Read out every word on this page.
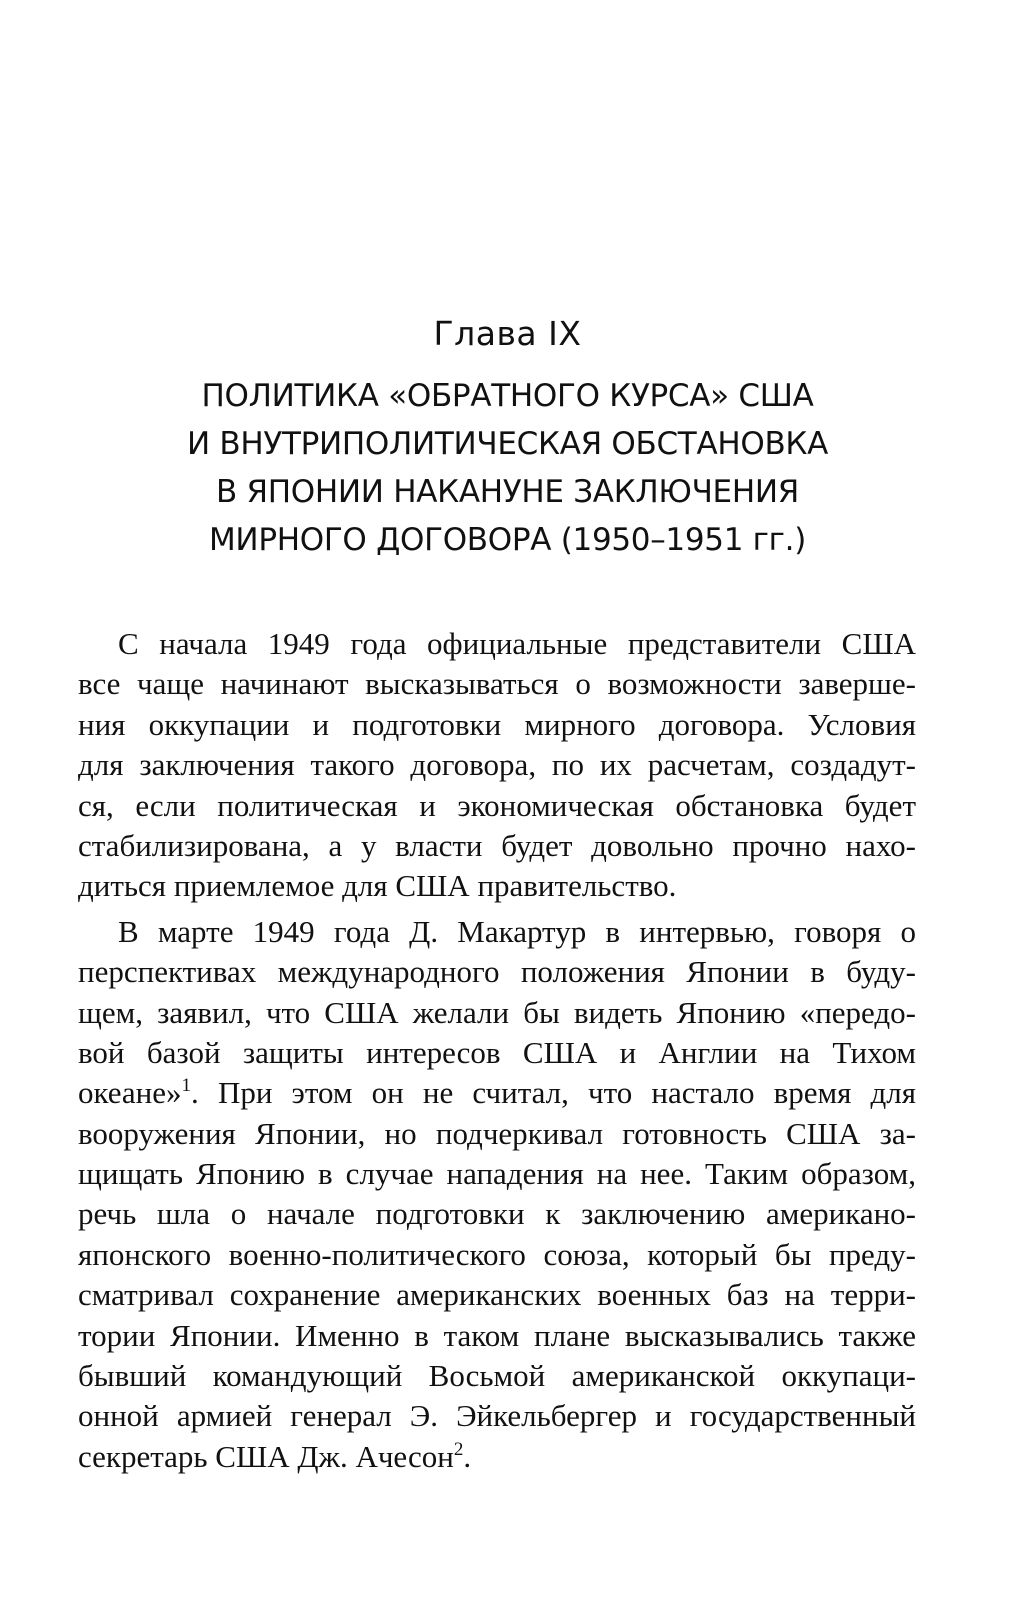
Глава IX
ПОЛИТИКА «ОБРАТНОГО КУРСА» США
И ВНУТРИПОЛИТИЧЕСКАЯ ОБСТАНОВКА
В ЯПОНИИ НАКАНУНЕ ЗАКЛЮЧЕНИЯ
МИРНОГО ДОГОВОРА (1950–1951 гг.)
С начала 1949 года официальные представители США
все чаще начинают высказываться о возможности заверше-
ния оккупации и подготовки мирного договора. Условия
для заключения такого договора, по их расчетам, создадут-
ся, если политическая и экономическая обстановка будет
стабилизирована, а у власти будет довольно прочно нахо-
диться приемлемое для США правительство.
В марте 1949 года Д. Макартур в интервью, говоря о
перспективах международного положения Японии в буду-
щем, заявил, что США желали бы видеть Японию «передо-
вой базой защиты интересов США и Англии на Тихом
океане»$^1$. При этом он не считал, что настало время для
вооружения Японии, но подчеркивал готовность США за-
щищать Японию в случае нападения на нее. Таким образом,
речь шла о начале подготовки к заключению американо-
японского военно-политического союза, который бы преду-
сматривал сохранение американских военных баз на терри-
тории Японии. Именно в таком плане высказывались также
бывший командующий Восьмой американской оккупаци-
онной армией генерал Э. Эйкельбергер и государственный
секретарь США Дж. Ачесон$^2$.
